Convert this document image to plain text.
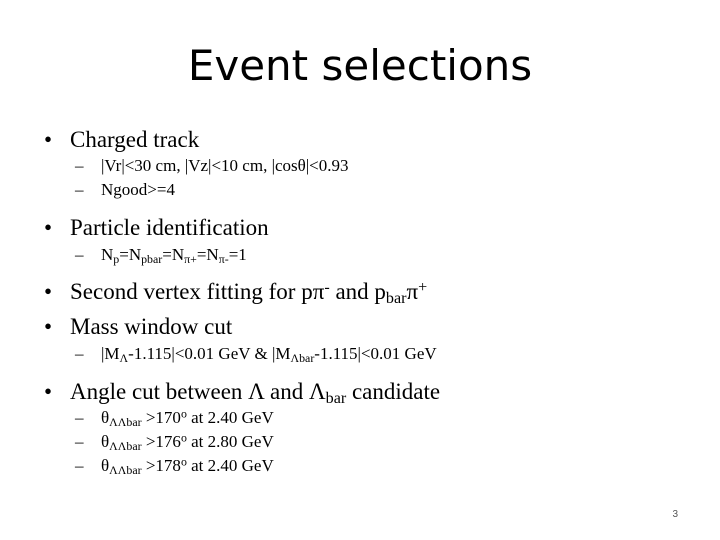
Event selections
• Charged track
– |Vr|<30 cm, |Vz|<10 cm, |cosθ|<0.93
– Ngood>=4
• Particle identification
– $N_p=N_{pbar}=N_{\pi+}=N_{\pi-}=1$
• Second vertex fitting for pπ- and $p_{bar}\pi^+$
• Mass window cut
– $|M_\Lambda-1.115|<0.01$ GeV & $|M_{\Lambda bar}-1.115|<0.01$ GeV
• Angle cut between Λ and $\Lambda_{bar}$ candidate
– $\theta_{\Lambda\Lambda bar} >170^o$ at 2.40 GeV
– $\theta_{\Lambda\Lambda bar} >176^o$ at 2.80 GeV
– $\theta_{\Lambda\Lambda bar} >178^o$ at 2.40 GeV
3
